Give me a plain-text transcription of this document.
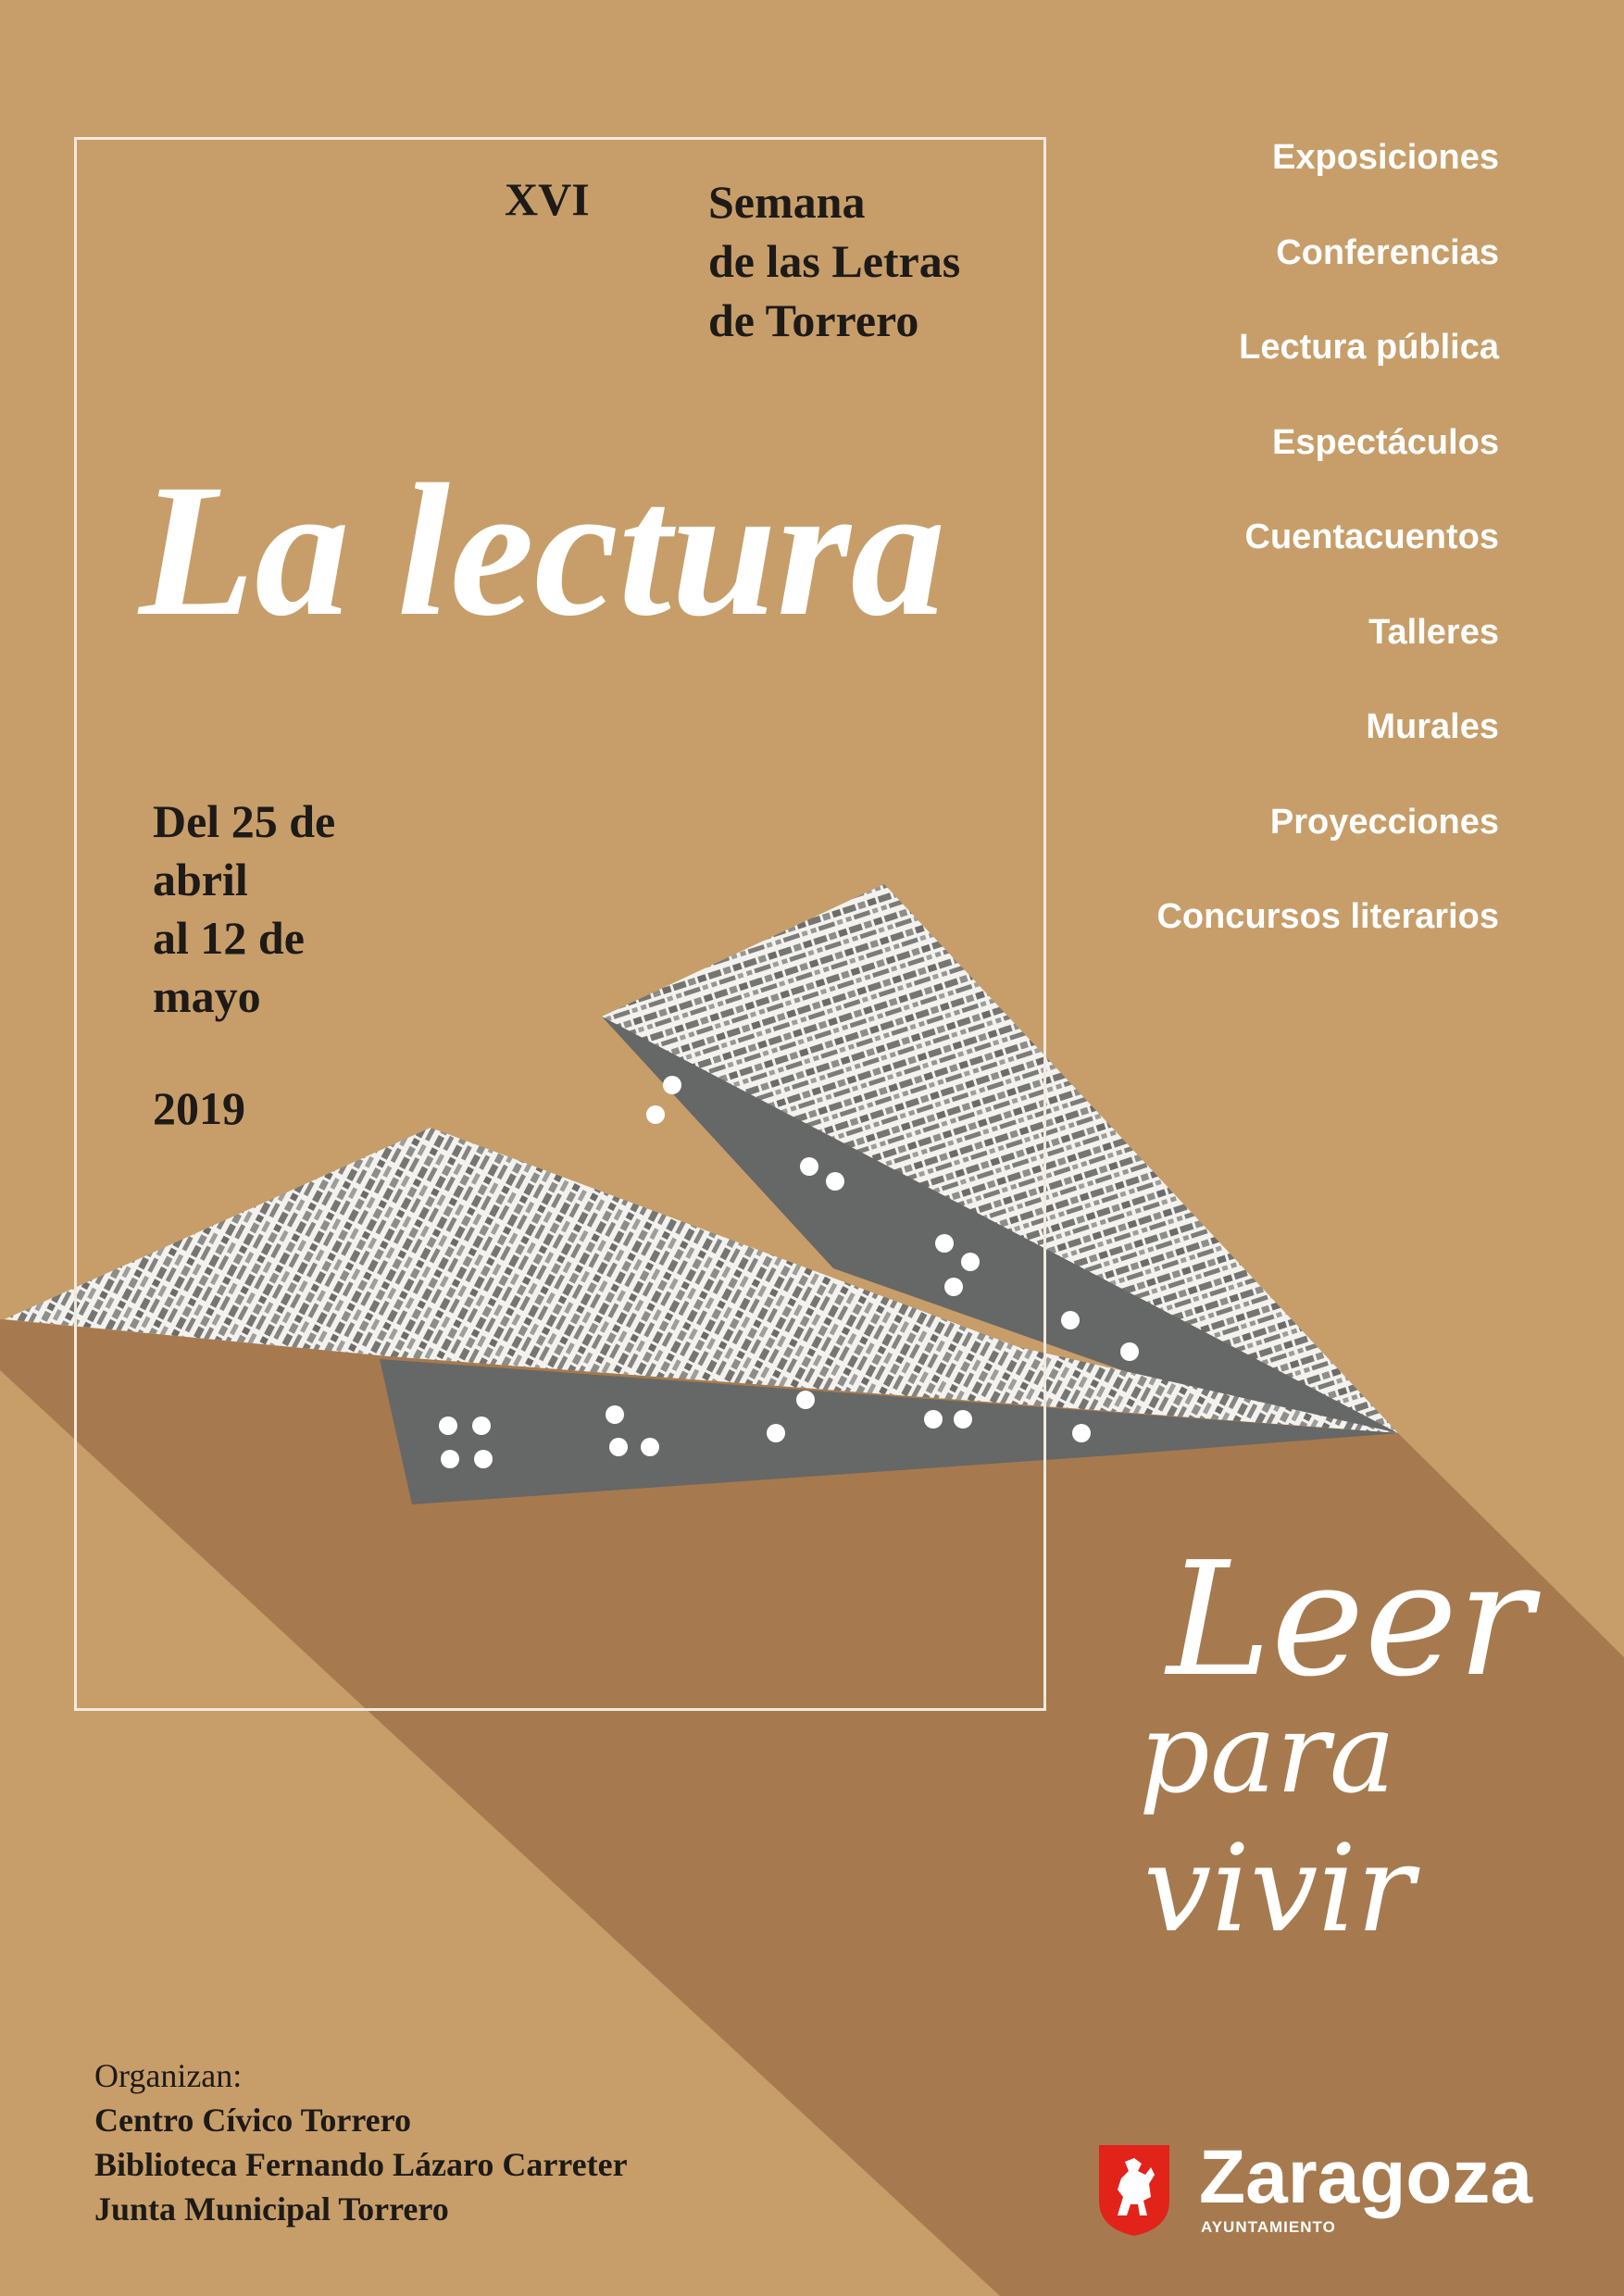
XVI	Semana
de las Letras
de Torrero
La lectura
Del 25 de
abril
al 12 de
mayo
2019
Exposiciones
Conferencias
Lectura pública
Espectáculos
Cuentacuentos
Talleres
Murales
Proyecciones
Concursos literarios
Leer
para
vivir
Organizan:
Centro Cívico Torrero
Biblioteca Fernando Lázaro Carreter
Junta Municipal Torrero	Zaragoza
AYUNTAMIENTO
